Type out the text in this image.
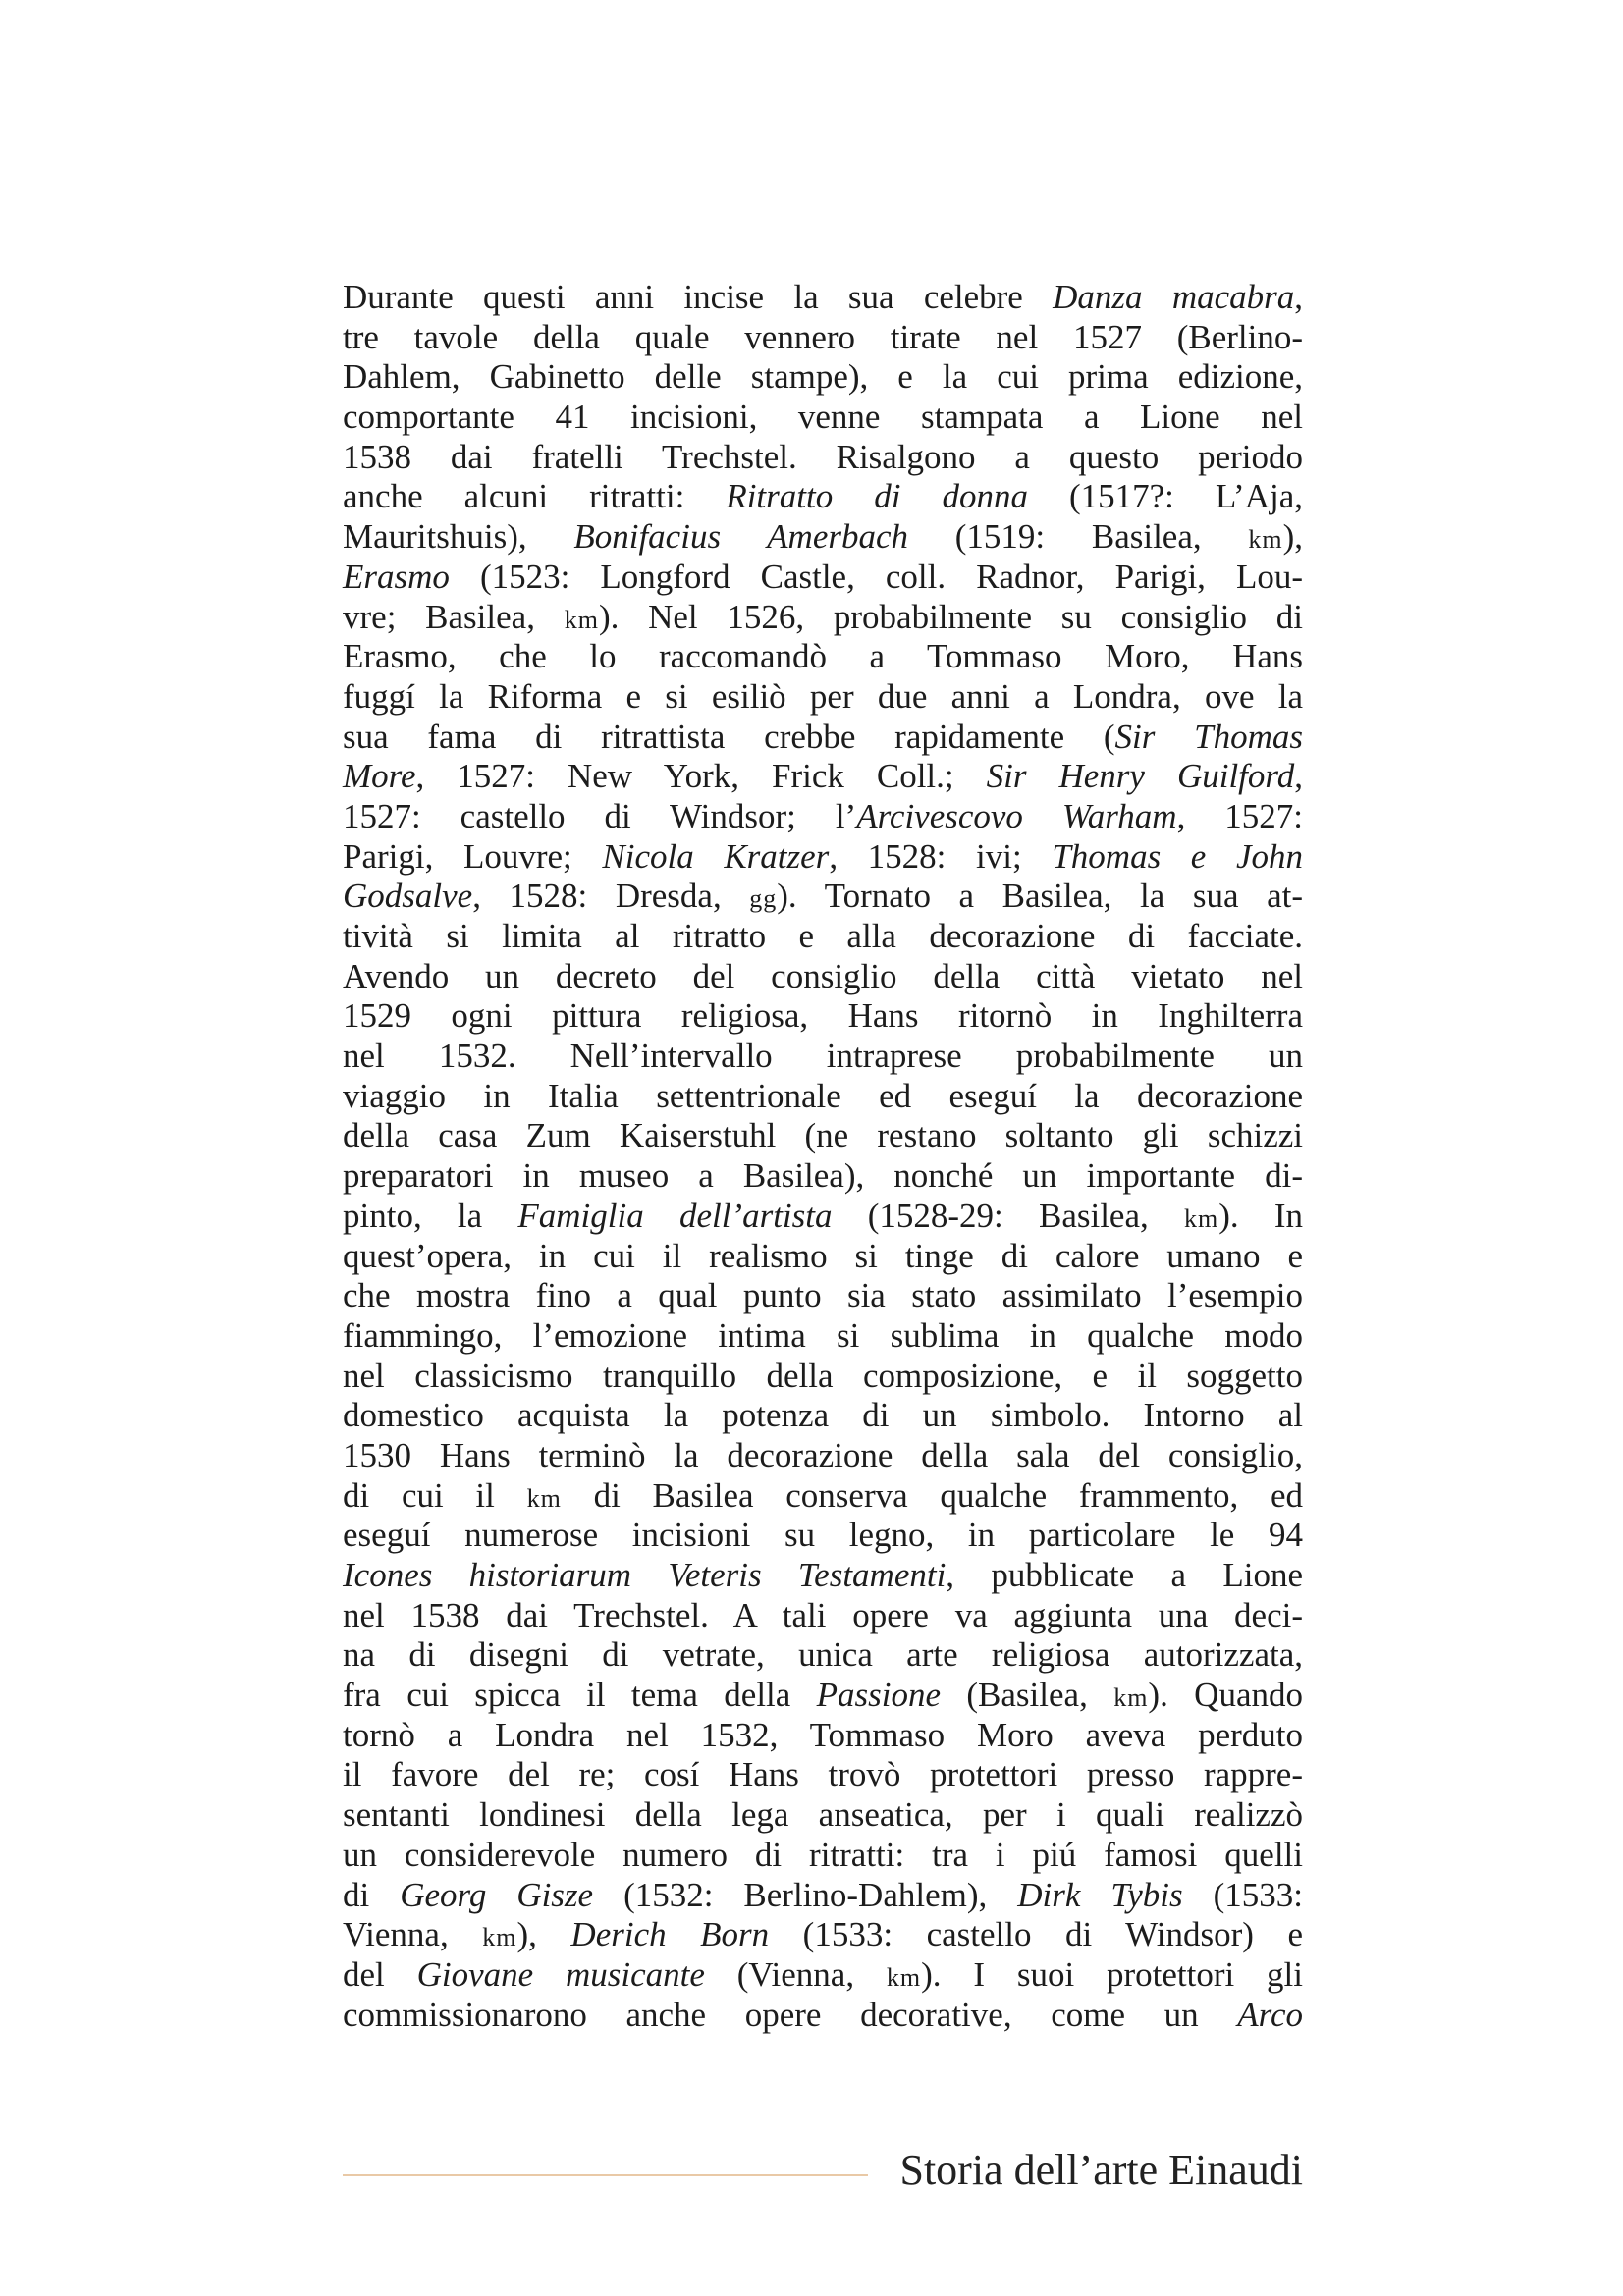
Durante questi anni incise la sua celebre Danza macabra,
tre tavole della quale vennero tirate nel 1527 (Berlino-
Dahlem, Gabinetto delle stampe), e la cui prima edizione,
comportante 41 incisioni, venne stampata a Lione nel
1538 dai fratelli Trechstel. Risalgono a questo periodo
anche alcuni ritratti: Ritratto di donna (1517?: L’Aja,
Mauritshuis), Bonifacius Amerbach (1519: Basilea, km),
Erasmo (1523: Longford Castle, coll. Radnor, Parigi, Lou-
vre; Basilea, km). Nel 1526, probabilmente su consiglio di
Erasmo, che lo raccomandò a Tommaso Moro, Hans
fuggí la Riforma e si esiliò per due anni a Londra, ove la
sua fama di ritrattista crebbe rapidamente (Sir Thomas
More, 1527: New York, Frick Coll.; Sir Henry Guilford,
1527: castello di Windsor; l’Arcivescovo Warham, 1527:
Parigi, Louvre; Nicola Kratzer, 1528: ivi; Thomas e John
Godsalve, 1528: Dresda, gg). Tornato a Basilea, la sua at-
tività si limita al ritratto e alla decorazione di facciate.
Avendo un decreto del consiglio della città vietato nel
1529 ogni pittura religiosa, Hans ritornò in Inghilterra
nel 1532. Nell’intervallo intraprese probabilmente un
viaggio in Italia settentrionale ed eseguí la decorazione
della casa Zum Kaiserstuhl (ne restano soltanto gli schizzi
preparatori in museo a Basilea), nonché un importante di-
pinto, la Famiglia dell’artista (1528-29: Basilea, km). In
quest’opera, in cui il realismo si tinge di calore umano e
che mostra fino a qual punto sia stato assimilato l’esempio
fiammingo, l’emozione intima si sublima in qualche modo
nel classicismo tranquillo della composizione, e il soggetto
domestico acquista la potenza di un simbolo. Intorno al
1530 Hans terminò la decorazione della sala del consiglio,
di cui il km di Basilea conserva qualche frammento, ed
eseguí numerose incisioni su legno, in particolare le 94
Icones historiarum Veteris Testamenti, pubblicate a Lione
nel 1538 dai Trechstel. A tali opere va aggiunta una deci-
na di disegni di vetrate, unica arte religiosa autorizzata,
fra cui spicca il tema della Passione (Basilea, km). Quando
tornò a Londra nel 1532, Tommaso Moro aveva perduto
il favore del re; cosí Hans trovò protettori presso rappre-
sentanti londinesi della lega anseatica, per i quali realizzò
un considerevole numero di ritratti: tra i piú famosi quelli
di Georg Gisze (1532: Berlino-Dahlem), Dirk Tybis (1533:
Vienna, km), Derich Born (1533: castello di Windsor) e
del Giovane musicante (Vienna, km). I suoi protettori gli
commissionarono anche opere decorative, come un Arco
Storia dell’arte Einaudi
